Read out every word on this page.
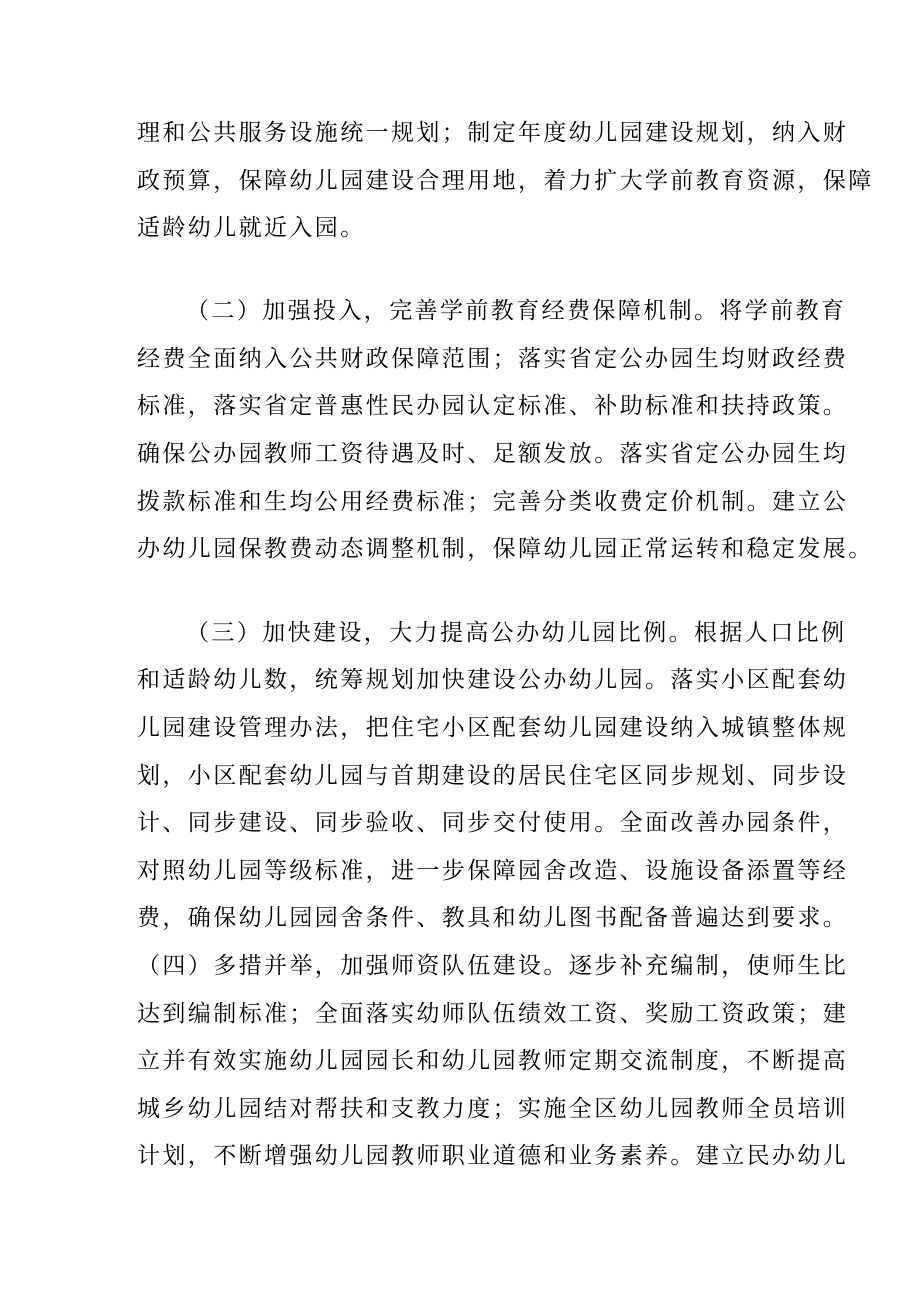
理和公共服务设施统一规划；制定年度幼儿园建设规划，纳入财
政预算，保障幼儿园建设合理用地，着力扩大学前教育资源，保障
适龄幼儿就近入园。
（二）加强投入，完善学前教育经费保障机制。将学前教育
经费全面纳入公共财政保障范围；落实省定公办园生均财政经费
标准，落实省定普惠性民办园认定标准、补助标准和扶持政策。
确保公办园教师工资待遇及时、足额发放。落实省定公办园生均
拨款标准和生均公用经费标准；完善分类收费定价机制。建立公
办幼儿园保教费动态调整机制，保障幼儿园正常运转和稳定发展。
（三）加快建设，大力提高公办幼儿园比例。根据人口比例
和适龄幼儿数，统筹规划加快建设公办幼儿园。落实小区配套幼
儿园建设管理办法，把住宅小区配套幼儿园建设纳入城镇整体规
划，小区配套幼儿园与首期建设的居民住宅区同步规划、同步设
计、同步建设、同步验收、同步交付使用。全面改善办园条件，
对照幼儿园等级标准，进一步保障园舍改造、设施设备添置等经
费，确保幼儿园园舍条件、教具和幼儿图书配备普遍达到要求。
（四）多措并举，加强师资队伍建设。逐步补充编制，使师生比
达到编制标准；全面落实幼师队伍绩效工资、奖励工资政策；建
立并有效实施幼儿园园长和幼儿园教师定期交流制度，不断提高
城乡幼儿园结对帮扶和支教力度；实施全区幼儿园教师全员培训
计划，不断增强幼儿园教师职业道德和业务素养。建立民办幼儿
